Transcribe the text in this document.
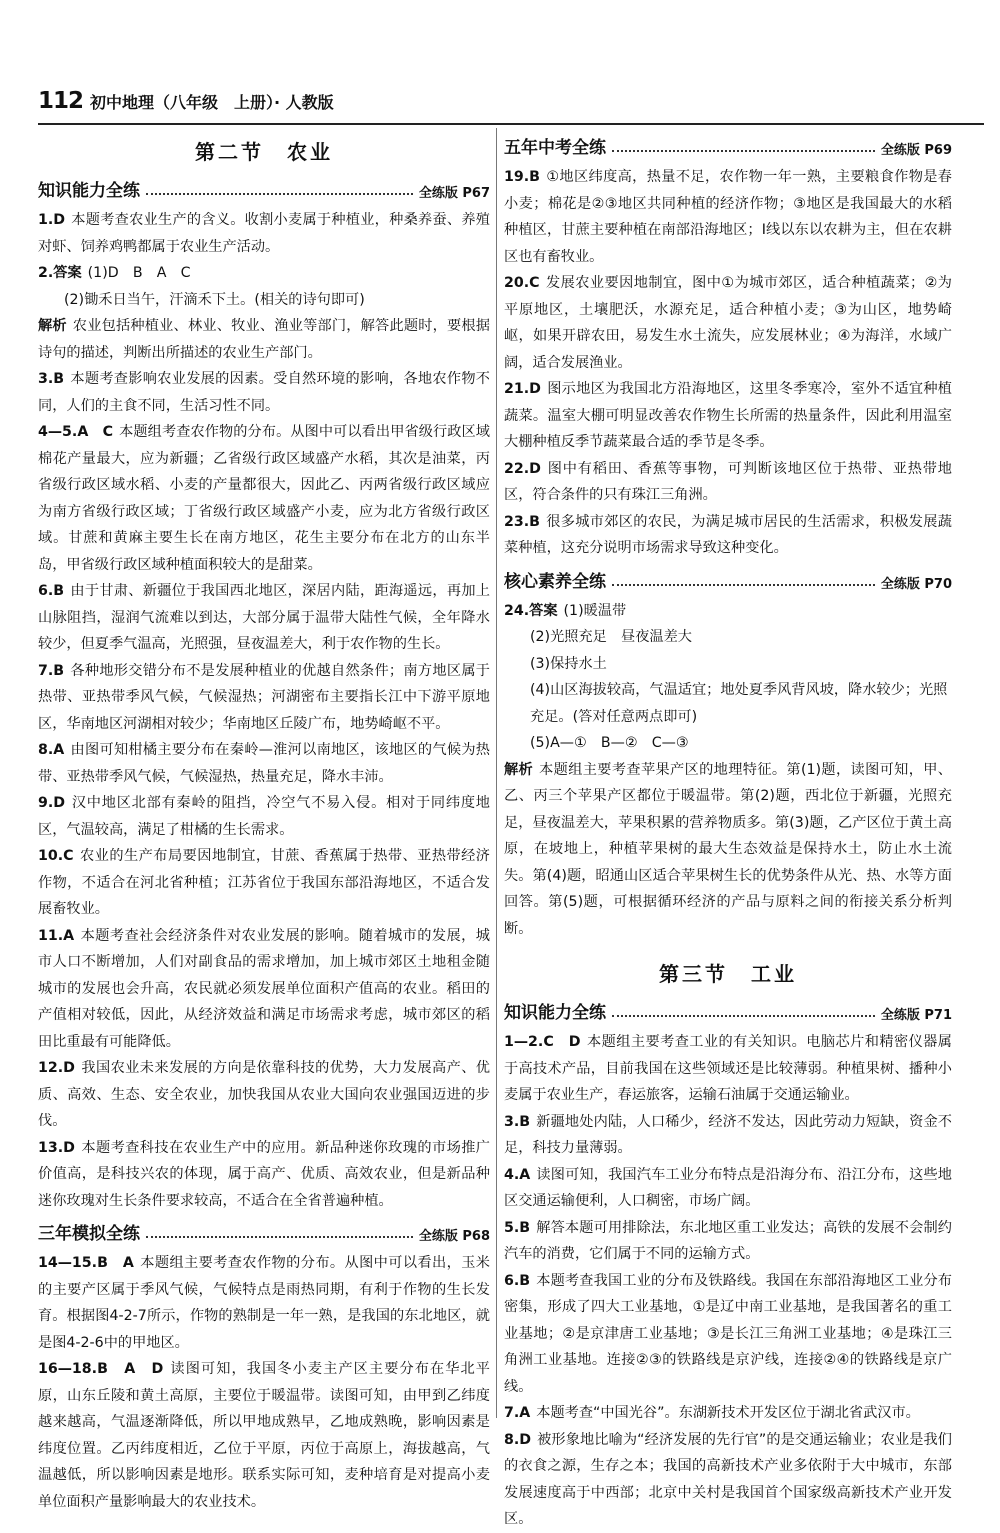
112 初中地理（八年级　上册）· 人教版
第二节　农业
知识能力全练	全练版 P67
1.D 本题考查农业生产的含义。收割小麦属于种植业，种桑养蚕、养殖对虾、饲养鸡鸭都属于农业生产活动。
2.答案 (1)D　B　A　C
(2)锄禾日当午，汗滴禾下土。(相关的诗句即可)
解析 农业包括种植业、林业、牧业、渔业等部门，解答此题时，要根据诗句的描述，判断出所描述的农业生产部门。
3.B 本题考查影响农业发展的因素。受自然环境的影响，各地农作物不同，人们的主食不同，生活习性不同。
4—5.A　C 本题组考查农作物的分布。从图中可以看出甲省级行政区域棉花产量最大，应为新疆；乙省级行政区域盛产水稻，其次是油菜，丙省级行政区域水稻、小麦的产量都很大，因此乙、丙两省级行政区域应为南方省级行政区域；丁省级行政区域盛产小麦，应为北方省级行政区域。甘蔗和黄麻主要生长在南方地区，花生主要分布在北方的山东半岛，甲省级行政区域种植面积较大的是甜菜。
6.B 由于甘肃、新疆位于我国西北地区，深居内陆，距海遥远，再加上山脉阻挡，湿润气流难以到达，大部分属于温带大陆性气候，全年降水较少，但夏季气温高，光照强，昼夜温差大，利于农作物的生长。
7.B 各种地形交错分布不是发展种植业的优越自然条件；南方地区属于热带、亚热带季风气候，气候湿热；河湖密布主要指长江中下游平原地区，华南地区河湖相对较少；华南地区丘陵广布，地势崎岖不平。
8.A 由图可知柑橘主要分布在秦岭—淮河以南地区，该地区的气候为热带、亚热带季风气候，气候湿热，热量充足，降水丰沛。
9.D 汉中地区北部有秦岭的阻挡，冷空气不易入侵。相对于同纬度地区，气温较高，满足了柑橘的生长需求。
10.C 农业的生产布局要因地制宜，甘蔗、香蕉属于热带、亚热带经济作物，不适合在河北省种植；江苏省位于我国东部沿海地区，不适合发展畜牧业。
11.A 本题考查社会经济条件对农业发展的影响。随着城市的发展，城市人口不断增加，人们对副食品的需求增加，加上城市郊区土地租金随城市的发展也会升高，农民就必须发展单位面积产值高的农业。稻田的产值相对较低，因此，从经济效益和满足市场需求考虑，城市郊区的稻田比重最有可能降低。
12.D 我国农业未来发展的方向是依靠科技的优势，大力发展高产、优质、高效、生态、安全农业，加快我国从农业大国向农业强国迈进的步伐。
13.D 本题考查科技在农业生产中的应用。新品种迷你玫瑰的市场推广价值高，是科技兴农的体现，属于高产、优质、高效农业，但是新品种迷你玫瑰对生长条件要求较高，不适合在全省普遍种植。
三年模拟全练	全练版 P68
14—15.B　A 本题组主要考查农作物的分布。从图中可以看出，玉米的主要产区属于季风气候，气候特点是雨热同期，有利于作物的生长发育。根据图4-2-7所示，作物的熟制是一年一熟，是我国的东北地区，就是图4-2-6中的甲地区。
16—18.B　A　D 读图可知，我国冬小麦主产区主要分布在华北平原，山东丘陵和黄土高原，主要位于暖温带。读图可知，由甲到乙纬度越来越高，气温逐渐降低，所以甲地成熟早，乙地成熟晚，影响因素是纬度位置。乙丙纬度相近，乙位于平原，丙位于高原上，海拔越高，气温越低，所以影响因素是地形。联系实际可知，麦种培育是对提高小麦单位面积产量影响最大的农业技术。
五年中考全练	全练版 P69
19.B ①地区纬度高，热量不足，农作物一年一熟，主要粮食作物是春小麦；棉花是②③地区共同种植的经济作物；③地区是我国最大的水稻种植区，甘蔗主要种植在南部沿海地区；Ⅰ线以东以农耕为主，但在农耕区也有畜牧业。
20.C 发展农业要因地制宜，图中①为城市郊区，适合种植蔬菜；②为平原地区，土壤肥沃，水源充足，适合种植小麦；③为山区，地势崎岖，如果开辟农田，易发生水土流失，应发展林业；④为海洋，水域广阔，适合发展渔业。
21.D 图示地区为我国北方沿海地区，这里冬季寒冷，室外不适宜种植蔬菜。温室大棚可明显改善农作物生长所需的热量条件，因此利用温室大棚种植反季节蔬菜最合适的季节是冬季。
22.D 图中有稻田、香蕉等事物，可判断该地区位于热带、亚热带地区，符合条件的只有珠江三角洲。
23.B 很多城市郊区的农民，为满足城市居民的生活需求，积极发展蔬菜种植，这充分说明市场需求导致这种变化。
核心素养全练	全练版 P70
24.答案 (1)暖温带
(2)光照充足　昼夜温差大
(3)保持水土
(4)山区海拔较高，气温适宜；地处夏季风背风坡，降水较少；光照充足。(答对任意两点即可)
(5)A—①　B—②　C—③
解析 本题组主要考查苹果产区的地理特征。第(1)题，读图可知，甲、乙、丙三个苹果产区都位于暖温带。第(2)题，西北位于新疆，光照充足，昼夜温差大，苹果积累的营养物质多。第(3)题，乙产区位于黄土高原，在坡地上，种植苹果树的最大生态效益是保持水土，防止水土流失。第(4)题，昭通山区适合苹果树生长的优势条件从光、热、水等方面回答。第(5)题，可根据循环经济的产品与原料之间的衔接关系分析判断。
第三节　工业
知识能力全练	全练版 P71
1—2.C　D 本题组主要考查工业的有关知识。电脑芯片和精密仪器属于高技术产品，目前我国在这些领域还是比较薄弱。种植果树、播种小麦属于农业生产，春运旅客，运输石油属于交通运输业。
3.B 新疆地处内陆，人口稀少，经济不发达，因此劳动力短缺，资金不足，科技力量薄弱。
4.A 读图可知，我国汽车工业分布特点是沿海分布、沿江分布，这些地区交通运输便利，人口稠密，市场广阔。
5.B 解答本题可用排除法，东北地区重工业发达；高铁的发展不会制约汽车的消费，它们属于不同的运输方式。
6.B 本题考查我国工业的分布及铁路线。我国在东部沿海地区工业分布密集，形成了四大工业基地，①是辽中南工业基地，是我国著名的重工业基地；②是京津唐工业基地；③是长江三角洲工业基地；④是珠江三角洲工业基地。连接②③的铁路线是京沪线，连接②④的铁路线是京广线。
7.A 本题考查“中国光谷”。东湖新技术开发区位于湖北省武汉市。
8.D 被形象地比喻为“经济发展的先行官”的是交通运输业；农业是我们的衣食之源，生存之本；我国的高新技术产业多依附于大中城市，东部发展速度高于中西部；北京中关村是我国首个国家级高新技术产业开发区。
